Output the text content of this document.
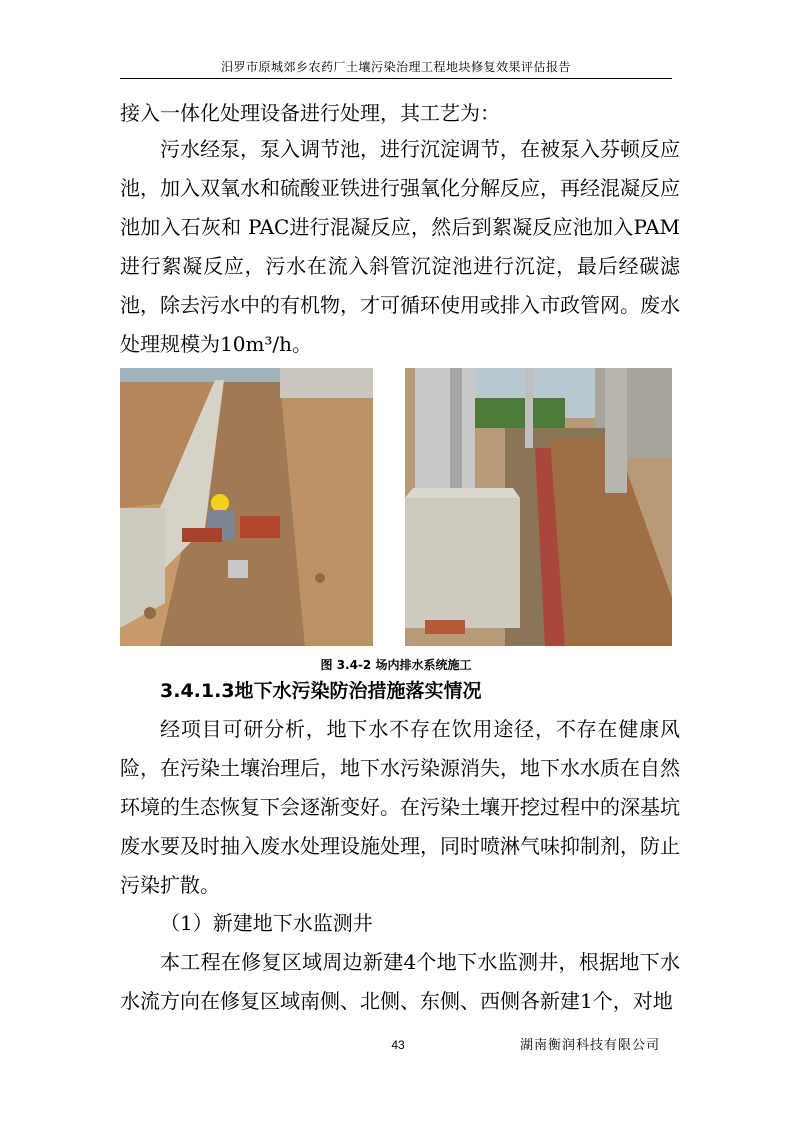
汨罗市原城郊乡农药厂土壤污染治理工程地块修复效果评估报告

接入一体化处理设备进行处理，其工艺为：

污水经泵，泵入调节池，进行沉淀调节，在被泵入芬顿反应池，加入双氧水和硫酸亚铁进行强氧化分解反应，再经混凝反应池加入石灰和 PAC进行混凝反应，然后到絮凝反应池加入PAM进行絮凝反应，污水在流入斜管沉淀池进行沉淀，最后经碳滤池，除去污水中的有机物，才可循环使用或排入市政管网。废水处理规模为10m³/h。

图 3.4-2 场内排水系统施工
3.4.1.3地下水污染防治措施落实情况

经项目可研分析，地下水不存在饮用途径，不存在健康风险，在污染土壤治理后，地下水污染源消失，地下水水质在自然环境的生态恢复下会逐渐变好。在污染土壤开挖过程中的深基坑废水要及时抽入废水处理设施处理，同时喷淋气味抑制剂，防止污染扩散。

（1）新建地下水监测井

本工程在修复区域周边新建4个地下水监测井，根据地下水水流方向在修复区域南侧、北侧、东侧、西侧各新建1个，对地

43	湖南衡润科技有限公司
